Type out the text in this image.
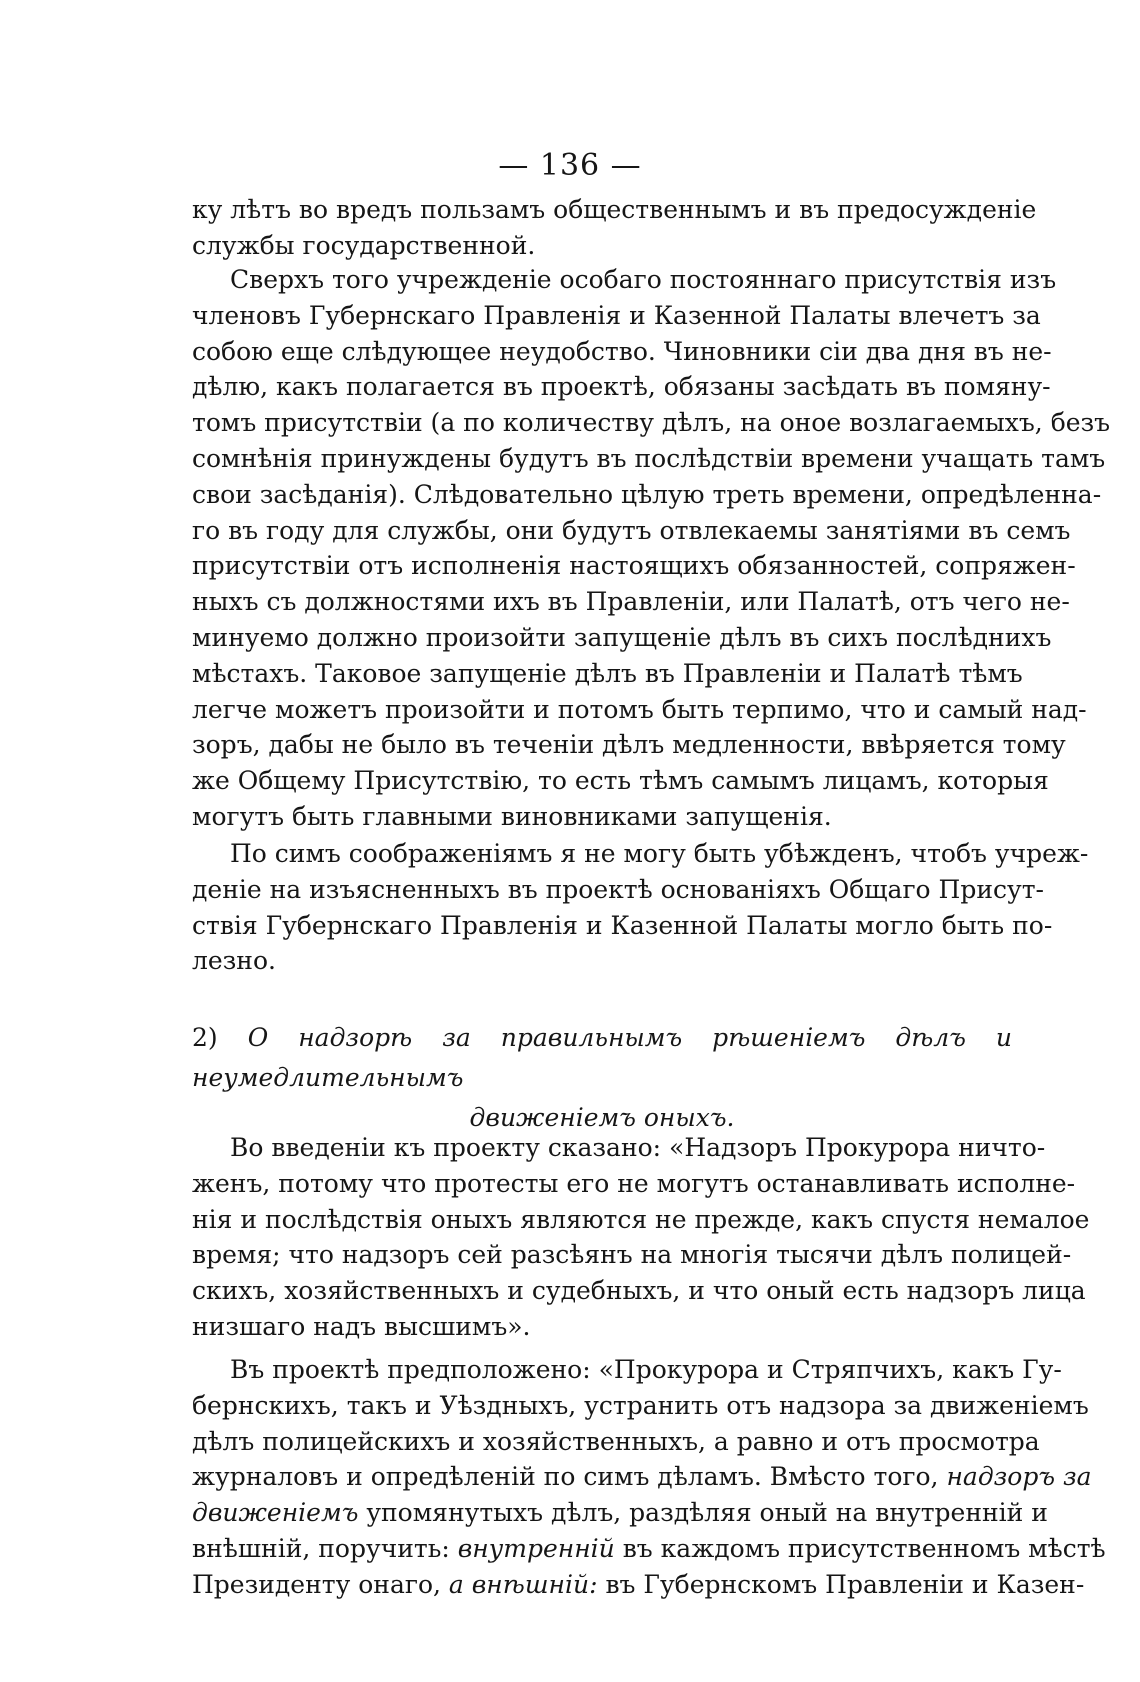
— 136 —
ку лѣтъ во вредъ пользамъ общественнымъ и въ предосужденіе
службы государственной.
Сверхъ того учрежденіе особаго постояннаго присутствія изъ
членовъ Губернскаго Правленія и Казенной Палаты влечетъ за
собою еще слѣдующее неудобство. Чиновники сіи два дня въ не-
дѣлю, какъ полагается въ проектѣ, обязаны засѣдать въ помяну-
томъ присутствіи (а по количеству дѣлъ, на оное возлагаемыхъ, безъ
сомнѣнія принуждены будутъ въ послѣдствіи времени учащать тамъ
свои засѣданія). Слѣдовательно цѣлую треть времени, опредѣленна-
го въ году для службы, они будутъ отвлекаемы занятіями въ семъ
присутствіи отъ исполненія настоящихъ обязанностей, сопряжен-
ныхъ съ должностями ихъ въ Правленіи, или Палатѣ, отъ чего не-
минуемо должно произойти запущеніе дѣлъ въ сихъ послѣднихъ
мѣстахъ. Таковое запущеніе дѣлъ въ Правленіи и Палатѣ тѣмъ
легче можетъ произойти и потомъ быть терпимо, что и самый над-
зоръ, дабы не было въ теченіи дѣлъ медленности, ввѣряется тому
же Общему Присутствію, то есть тѣмъ самымъ лицамъ, которыя
могутъ быть главными виновниками запущенія.
По симъ соображеніямъ я не могу быть убѣжденъ, чтобъ учреж-
деніе на изъясненныхъ въ проектѣ основаніяхъ Общаго Присут-
ствія Губернскаго Правленія и Казенной Палаты могло быть по-
лезно.
2) О надзорѣ за правильнымъ рѣшеніемъ дѣлъ и неумедлительнымъ
движеніемъ оныхъ.
Во введеніи къ проекту сказано: «Надзоръ Прокурора ничто-
женъ, потому что протесты его не могутъ останавливать исполне-
нія и послѣдствія оныхъ являются не прежде, какъ спустя немалое
время; что надзоръ сей разсѣянъ на многія тысячи дѣлъ полицей-
скихъ, хозяйственныхъ и судебныхъ, и что оный есть надзоръ лица
низшаго надъ высшимъ».
Въ проектѣ предположено: «Прокурора и Стряпчихъ, какъ Гу-
бернскихъ, такъ и Уѣздныхъ, устранить отъ надзора за движеніемъ
дѣлъ полицейскихъ и хозяйственныхъ, а равно и отъ просмотра
журналовъ и опредѣленій по симъ дѣламъ. Вмѣсто того, надзоръ за
движеніемъ упомянутыхъ дѣлъ, раздѣляя оный на внутренній и
внѣшній, поручить: внутренній въ каждомъ присутственномъ мѣстѣ
Президенту онаго, а внѣшній: въ Губернскомъ Правленіи и Казен-
